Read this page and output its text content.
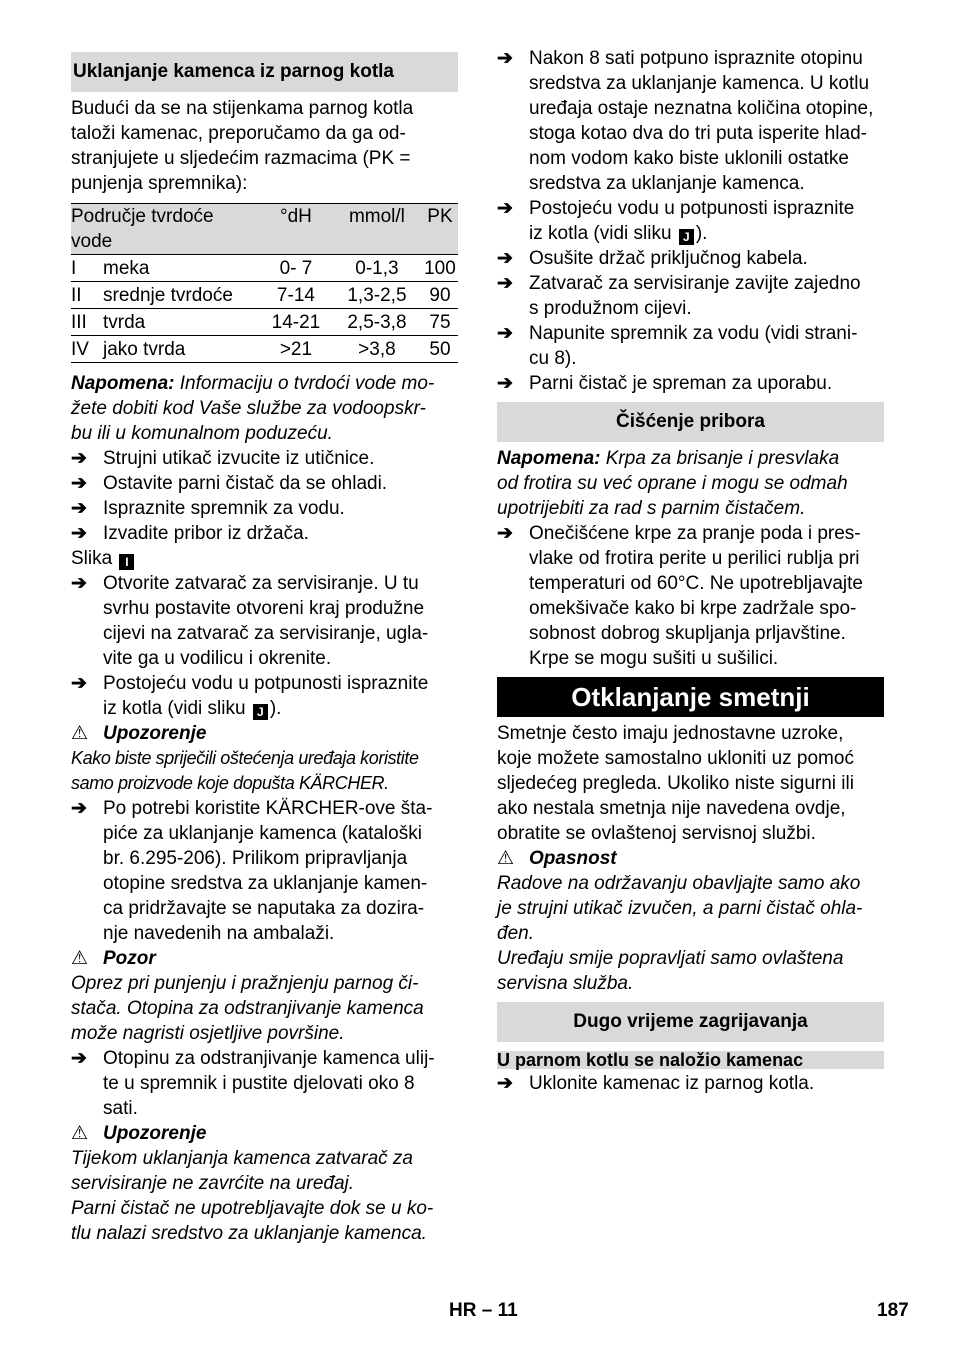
Uklanjanje kamenca iz parnog kotla
Budući da se na stijenkama parnog kotla
taloži kamenac, preporučamo da ga od-
stranjujete u sljedećim razmacima (PK =
punjenja spremnika):
Područje tvrdoće vode		°dH	mmol/l	PK
I	meka	0- 7	0-1,3	100
II	srednje tvrdoće	7-14	1,3-2,5	90
III	tvrda	14-21	2,5-3,8	75
IV	jako tvrda	>21	>3,8	50
Napomena: Informaciju o tvrdoći vode mo-
žete dobiti kod Vaše službe za vodoopskr-
bu ili u komunalnom poduzeću.
➔ Strujni utikač izvucite iz utičnice.
➔ Ostavite parni čistač da se ohladi.
➔ Ispraznite spremnik za vodu.
➔ Izvadite pribor iz držača.
Slika I
➔ Otvorite zatvarač za servisiranje. U tu
svrhu postavite otvoreni kraj produžne
cijevi na zatvarač za servisiranje, ugla-
vite ga u vodilicu i okrenite.
➔ Postojeću vodu u potpunosti ispraznite
iz kotla (vidi sliku J ).
⚠ Upozorenje
Kako biste spriječili oštećenja uređaja koristite
samo proizvode koje dopušta KÄRCHER.
➔ Po potrebi koristite KÄRCHER-ove šta-
piće za uklanjanje kamenca (kataloški
br. 6.295-206). Prilikom pripravljanja
otopine sredstva za uklanjanje kamen-
ca pridržavajte se naputaka za dozira-
nje navedenih na ambalaži.
⚠ Pozor
Oprez pri punjenju i pražnjenju parnog či-
stača. Otopina za odstranjivanje kamenca
može nagristi osjetljive površine.
➔ Otopinu za odstranjivanje kamenca ulij-
te u spremnik i pustite djelovati oko 8
sati.
⚠ Upozorenje
Tijekom uklanjanja kamenca zatvarač za
servisiranje ne zavrćite na uređaj.
Parni čistač ne upotrebljavajte dok se u ko-
tlu nalazi sredstvo za uklanjanje kamenca.
➔ Nakon 8 sati potpuno ispraznite otopinu
sredstva za uklanjanje kamenca. U kotlu
uređaja ostaje neznatna količina otopine,
stoga kotao dva do tri puta isperite hlad-
nom vodom kako biste uklonili ostatke
sredstva za uklanjanje kamenca.
➔ Postojeću vodu u potpunosti ispraznite
iz kotla (vidi sliku J ).
➔ Osušite držač priključnog kabela.
➔ Zatvarač za servisiranje zavijte zajedno
s produžnom cijevi.
➔ Napunite spremnik za vodu (vidi strani-
cu 8).
➔ Parni čistač je spreman za uporabu.
Čišćenje pribora
Napomena: Krpa za brisanje i presvlaka
od frotira su već oprane i mogu se odmah
upotrijebiti za rad s parnim čistačem.
➔ Onečišćene krpe za pranje poda i pres-
vlake od frotira perite u perilici rublja pri
temperaturi od 60°C. Ne upotrebljavajte
omekšivače kako bi krpe zadržale spo-
sobnost dobrog skupljanja prljavštine.
Krpe se mogu sušiti u sušilici.
Otklanjanje smetnji
Smetnje često imaju jednostavne uzroke,
koje možete samostalno ukloniti uz pomoć
sljedećeg pregleda. Ukoliko niste sigurni ili
ako nestala smetnja nije navedena ovdje,
obratite se ovlaštenoj servisnoj službi.
⚠ Opasnost
Radove na održavanju obavljajte samo ako
je strujni utikač izvučen, a parni čistač ohla-
đen.
Uređaju smije popravljati samo ovlaštena
servisna služba.
Dugo vrijeme zagrijavanja
U parnom kotlu se naložio kamenac
➔ Uklonite kamenac iz parnog kotla.
HR – 11	187
